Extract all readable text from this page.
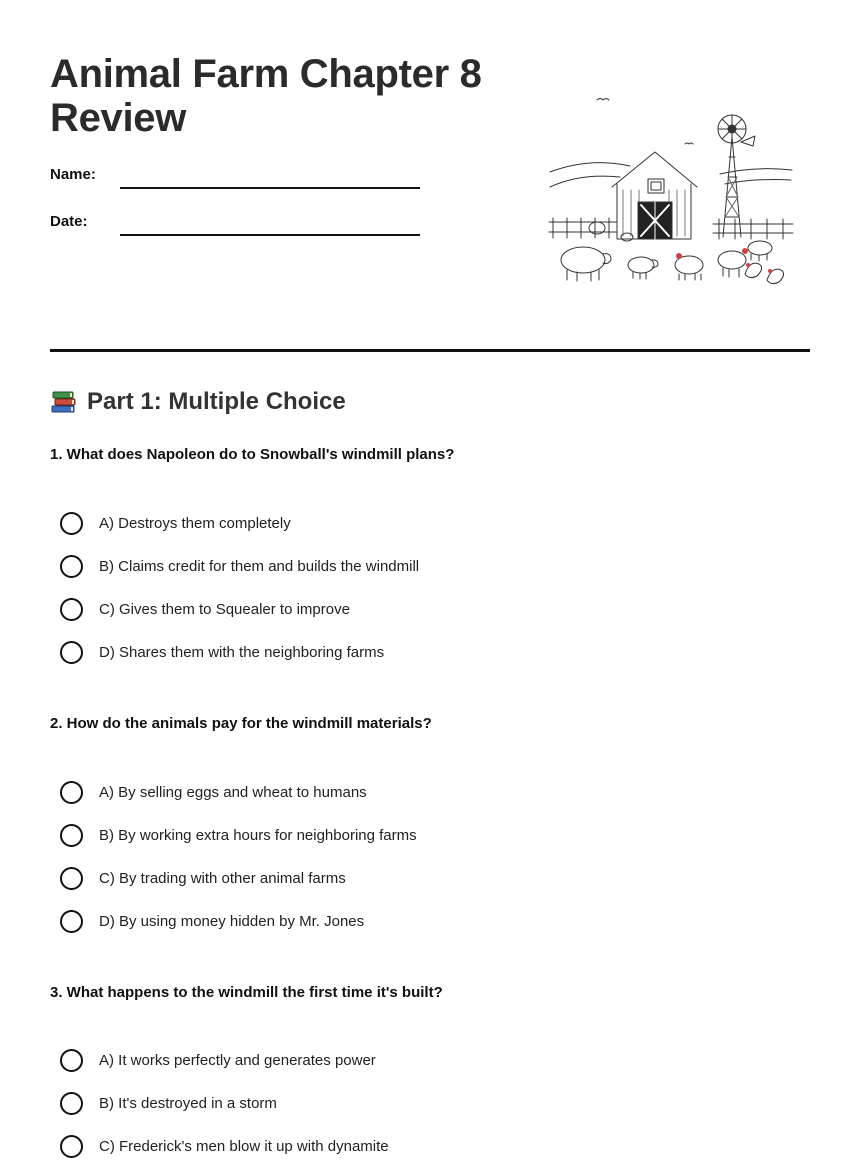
Animal Farm Chapter 8 Review
Name:
Date:
Part 1: Multiple Choice
1. What does Napoleon do to Snowball's windmill plans?
A) Destroys them completely
B) Claims credit for them and builds the windmill
C) Gives them to Squealer to improve
D) Shares them with the neighboring farms
2. How do the animals pay for the windmill materials?
A) By selling eggs and wheat to humans
B) By working extra hours for neighboring farms
C) By trading with other animal farms
D) By using money hidden by Mr. Jones
3. What happens to the windmill the first time it's built?
A) It works perfectly and generates power
B) It's destroyed in a storm
C) Frederick's men blow it up with dynamite
